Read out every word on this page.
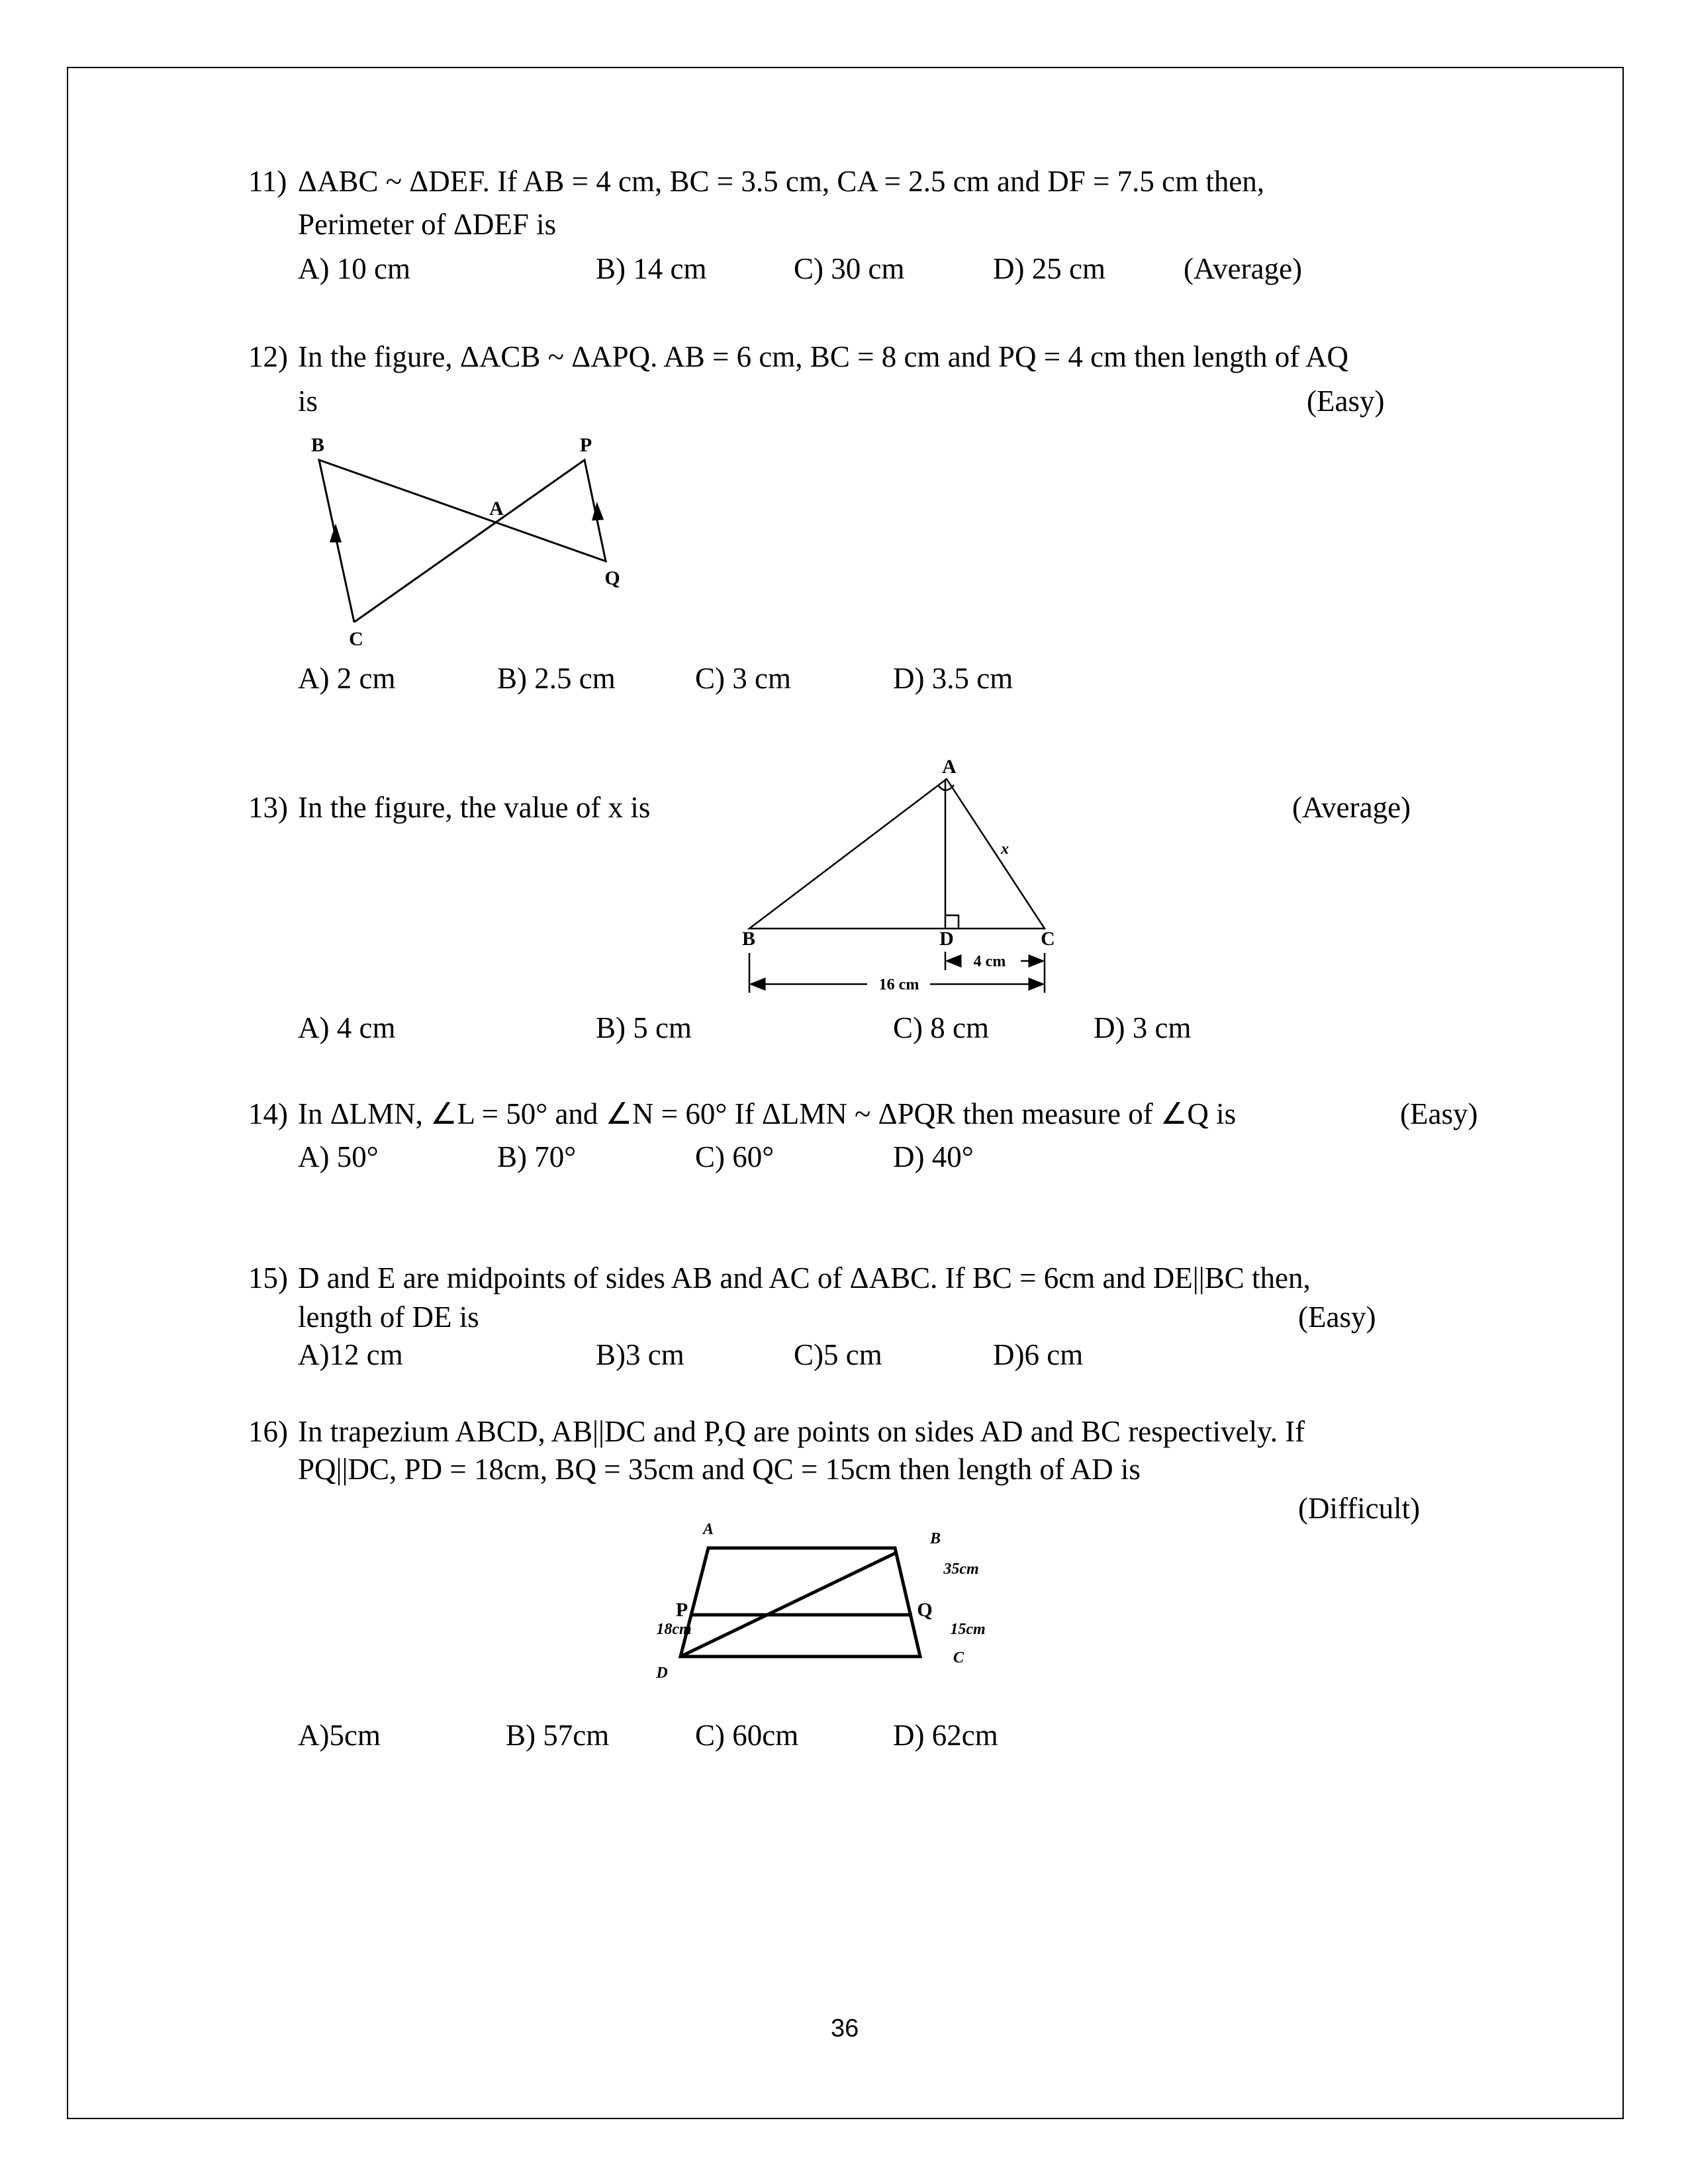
11) ΔABC ~ ΔDEF. If AB = 4 cm, BC = 3.5 cm, CA = 2.5 cm and DF = 7.5 cm then,
Perimeter of ΔDEF is
A) 10 cm	B) 14 cm	C) 30 cm	D) 25 cm	(Average)
12) In the figure, ΔACB ~ ΔAPQ. AB = 6 cm, BC = 8 cm and PQ = 4 cm then length of AQ
is	(Easy)
A) 2 cm	B) 2.5 cm	C) 3 cm	D) 3.5 cm
13) In the figure, the value of x is	(Average)
A) 4 cm	B) 5 cm	C) 8 cm	D) 3 cm
14) In ΔLMN, ∠L = 50° and ∠N = 60° If ΔLMN ~ ΔPQR then measure of ∠Q is	(Easy)
A) 50°	B) 70°	C) 60°	D) 40°
15) D and E are midpoints of sides AB and AC of ΔABC. If BC = 6cm and DE||BC then,
length of DE is	(Easy)
A)12 cm	B)3 cm	C)5 cm	D)6 cm
16) In trapezium ABCD, AB||DC and P,Q are points on sides AD and BC respectively. If
PQ||DC, PD = 18cm, BQ = 35cm and QC = 15cm then length of AD is
(Difficult)
A)5cm	B) 57cm	C) 60cm	D) 62cm
36
B	P
A
Q
C
A
B	D	C
x
4 cm
16 cm
A
B
35cm
P	Q
18cm	15cm
C
D
